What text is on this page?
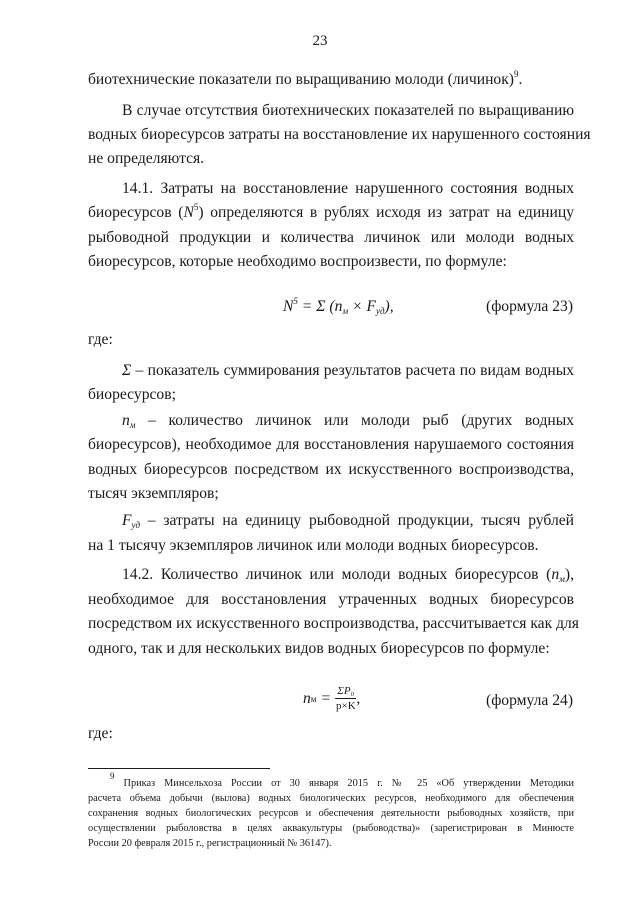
23
биотехнические показатели по выращиванию молоди (личинок)$^9$.
В случае отсутствия биотехнических показателей по выращиванию
водных биоресурсов затраты на восстановление их нарушенного состояния
не определяются.
14.1. Затраты на восстановление нарушенного состояния водных
биоресурсов $(N^5)$ определяются в рублях исходя из затрат на единицу
рыбоводной продукции и количества личинок или молоди водных
биоресурсов, которые необходимо воспроизвести, по формуле:
$N^5 = \Sigma$ $(n_м \times F_{уд})$,	(формула 23)
где:
Σ – показатель суммирования результатов расчета по видам водных
биоресурсов;
$n_м$ – количество личинок или молоди рыб (других водных
биоресурсов), необходимое для восстановления нарушаемого состояния
водных биоресурсов посредством их искусственного воспроизводства,
тысяч экземпляров;
$F_{уд}$ – затраты на единицу рыбоводной продукции, тысяч рублей
на 1 тысячу экземпляров личинок или молоди водных биоресурсов.
14.2. Количество личинок или молоди водных биоресурсов $(n_м)$,
необходимое для восстановления утраченных водных биоресурсов
посредством их искусственного воспроизводства, рассчитывается как для
одного, так и для нескольких видов водных биоресурсов по формуле:
n $м = \frac{\text{ΣP₀}}{p\times K}$ ,	(формула 24)
где:
$^9$ Приказ Минсельхоза России от 30 января 2015 г. № 25 «Об утверждении Методики
расчета объема добычи (вылова) водных биологических ресурсов, необходимого для обеспечения
сохранения водных биологических ресурсов и обеспечения деятельности рыбоводных хозяйств, при
осуществлении рыболовства в целях аквакультуры (рыбоводства)» (зарегистрирован в Минюсте
России 20 февраля 2015 г., регистрационный № 36147).
